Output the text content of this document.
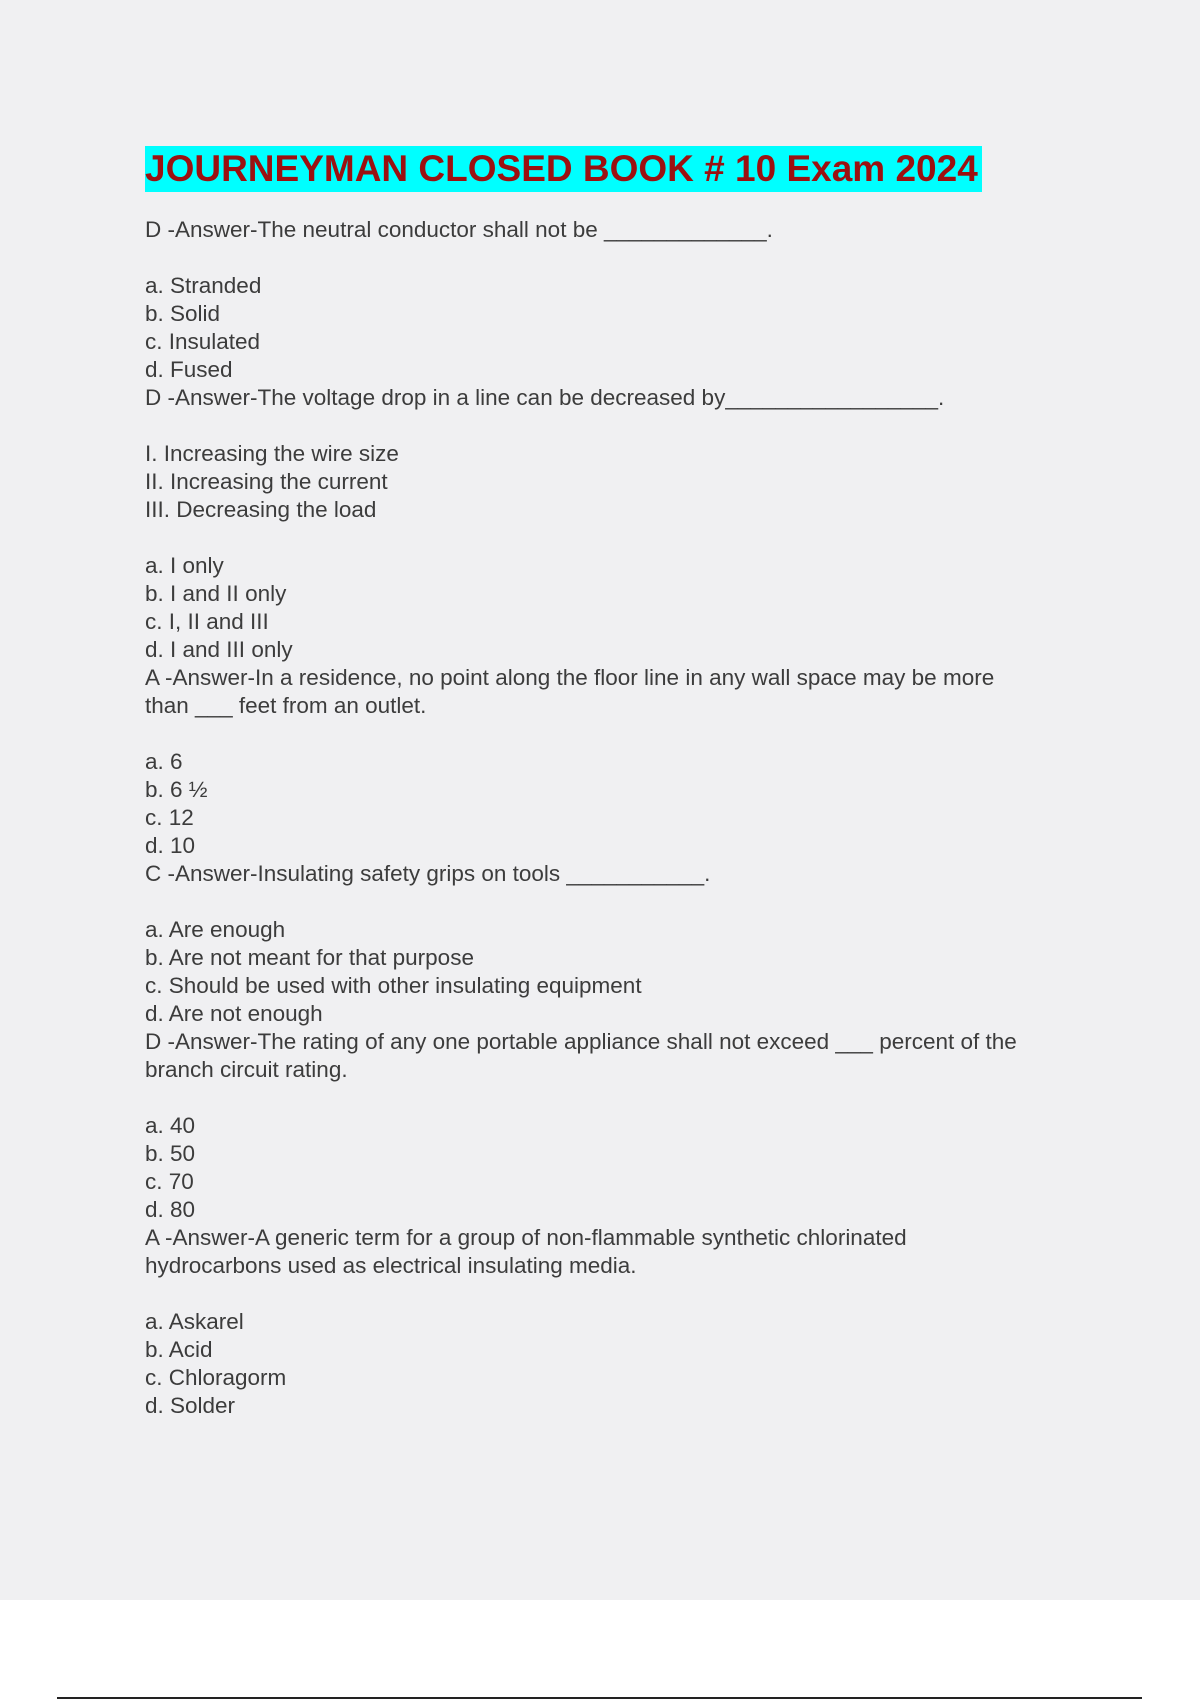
JOURNEYMAN CLOSED BOOK # 10 Exam 2024
D -Answer-The neutral conductor shall not be _____________.
a. Stranded
b. Solid
c. Insulated
d. Fused
D -Answer-The voltage drop in a line can be decreased by_________________.
I. Increasing the wire size
II. Increasing the current
III. Decreasing the load
a. I only
b. I and II only
c. I, II and III
d. I and III only
A -Answer-In a residence, no point along the floor line in any wall space may be more
than ___ feet from an outlet.
a. 6
b. 6 ½
c. 12
d. 10
C -Answer-Insulating safety grips on tools ___________.
a. Are enough
b. Are not meant for that purpose
c. Should be used with other insulating equipment
d. Are not enough
D -Answer-The rating of any one portable appliance shall not exceed ___ percent of the
branch circuit rating.
a. 40
b. 50
c. 70
d. 80
A -Answer-A generic term for a group of non-flammable synthetic chlorinated
hydrocarbons used as electrical insulating media.
a. Askarel
b. Acid
c. Chloragorm
d. Solder
